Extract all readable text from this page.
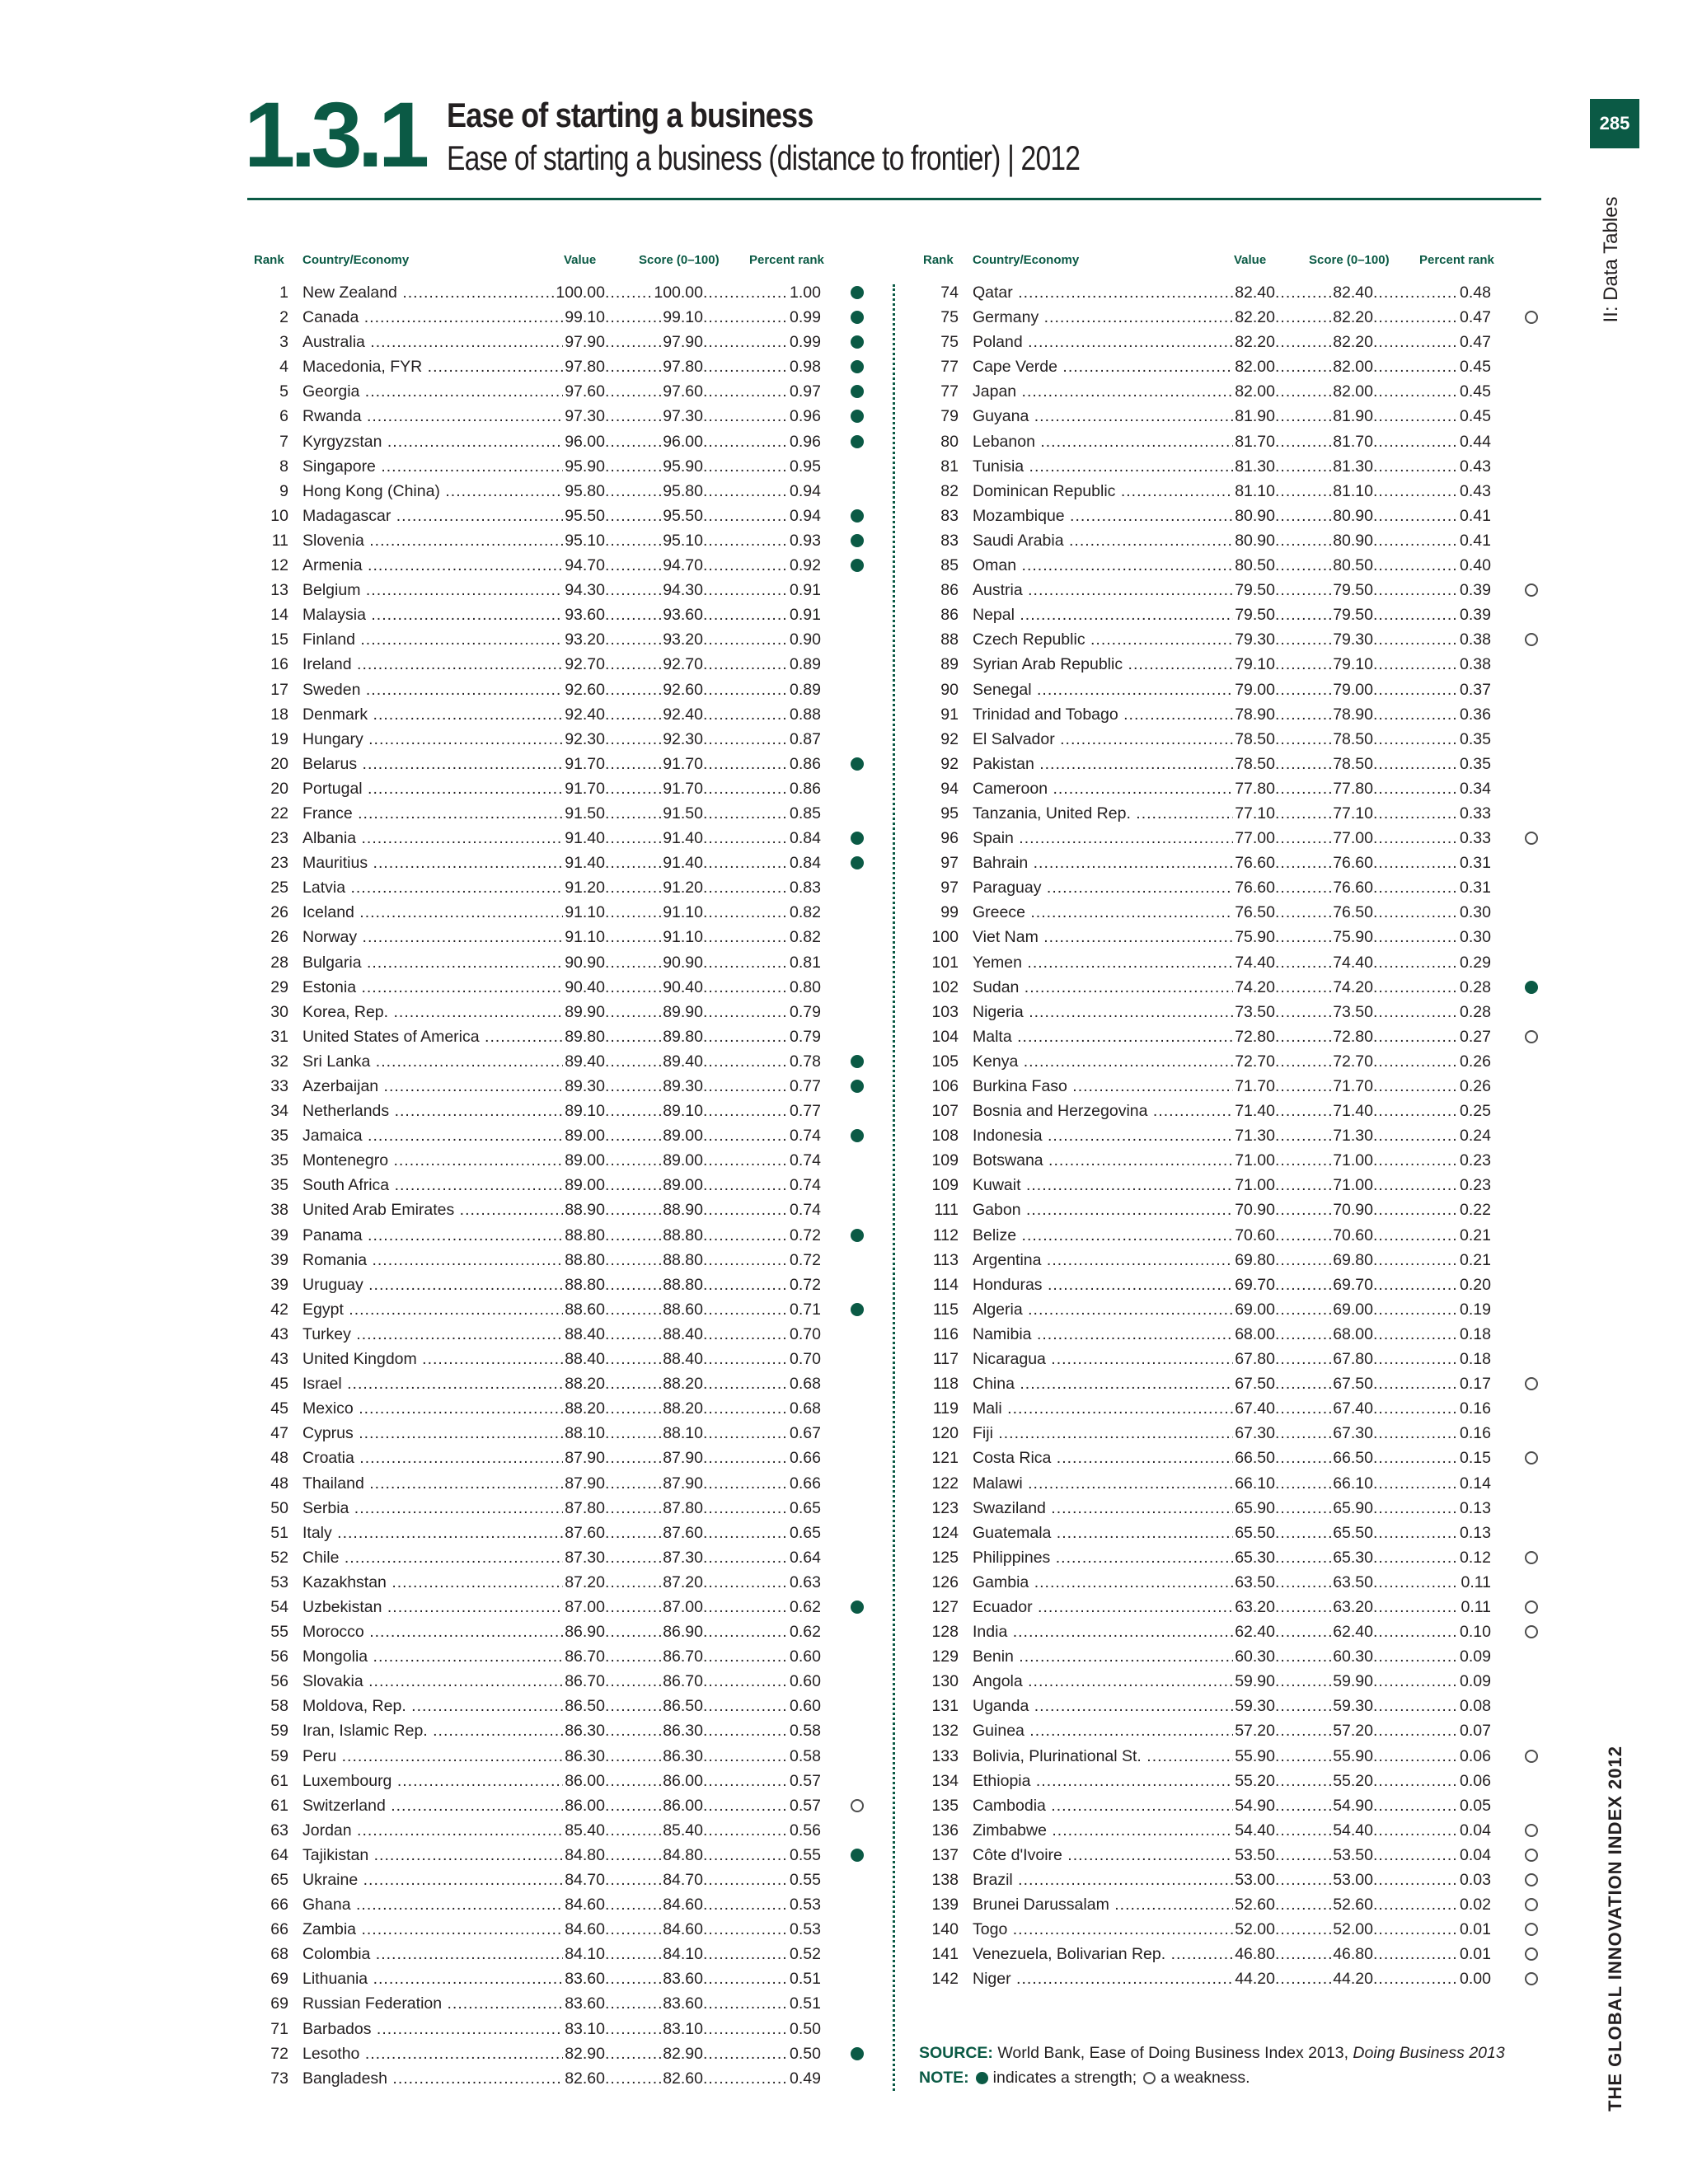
1.3.1 Ease of starting a business
Ease of starting a business (distance to frontier) | 2012
285
II: Data Tables
THE GLOBAL INNOVATION INDEX 2012
Rank Country/Economy	Value	Score (0–100) Percent rank	Rank Country/Economy	Value	Score (0–100) Percent rank
1 New Zealand ..... ..... .....	100.00	100.00	1.00
2 Canada ..... ..... .....	99.10	99.10	0.99
3 Australia ..... ..... .....	97.90	97.90	0.99
4 Macedonia, FYR ..... ..... .....	97.80	97.80	0.98
5 Georgia ..... ..... .....	97.60	97.60	0.97
6 Rwanda ..... ..... .....	97.30	97.30	0.96
7 Kyrgyzstan ..... ..... .....	96.00	96.00	0.96
8 Singapore ..... ..... .....	95.90	95.90	0.95
9 Hong Kong (China) ..... ..... .....	95.80	95.80	0.94
10 Madagascar ..... ..... .....	95.50	95.50	0.94
11 Slovenia ..... ..... .....	95.10	95.10	0.93
12 Armenia ..... ..... .....	94.70	94.70	0.92
13 Belgium ..... ..... .....	94.30	94.30	0.91
14 Malaysia ..... ..... .....	93.60	93.60	0.91
15 Finland ..... ..... .....	93.20	93.20	0.90
16 Ireland ..... ..... .....	92.70	92.70	0.89
17 Sweden ..... ..... .....	92.60	92.60	0.89
18 Denmark ..... ..... .....	92.40	92.40	0.88
19 Hungary ..... ..... .....	92.30	92.30	0.87
20 Belarus ..... ..... .....	91.70	91.70	0.86
20 Portugal ..... ..... .....	91.70	91.70	0.86
22 France ..... ..... .....	91.50	91.50	0.85
23 Albania ..... ..... .....	91.40	91.40	0.84
23 Mauritius ..... ..... .....	91.40	91.40	0.84
25 Latvia ..... ..... .....	91.20	91.20	0.83
26 Iceland ..... ..... .....	91.10	91.10	0.82
26 Norway ..... ..... .....	91.10	91.10	0.82
28 Bulgaria ..... ..... .....	90.90	90.90	0.81
29 Estonia ..... ..... .....	90.40	90.40	0.80
30 Korea, Rep. ..... ..... .....	89.90	89.90	0.79
31 United States of America ..... ..... .....	89.80	89.80	0.79
32 Sri Lanka ..... ..... .....	89.40	89.40	0.78
33 Azerbaijan ..... ..... .....	89.30	89.30	0.77
34 Netherlands ..... ..... .....	89.10	89.10	0.77
35 Jamaica ..... ..... .....	89.00	89.00	0.74
35 Montenegro ..... ..... .....	89.00	89.00	0.74
35 South Africa ..... ..... .....	89.00	89.00	0.74
38 United Arab Emirates ..... ..... .....	88.90	88.90	0.74
39 Panama ..... ..... .....	88.80	88.80	0.72
39 Romania ..... ..... .....	88.80	88.80	0.72
39 Uruguay ..... ..... .....	88.80	88.80	0.72
42 Egypt ..... ..... .....	88.60	88.60	0.71
43 Turkey ..... ..... .....	88.40	88.40	0.70
43 United Kingdom ..... ..... .....	88.40	88.40	0.70
45 Israel ..... ..... .....	88.20	88.20	0.68
45 Mexico ..... ..... .....	88.20	88.20	0.68
47 Cyprus ..... ..... .....	88.10	88.10	0.67
48 Croatia ..... ..... .....	87.90	87.90	0.66
48 Thailand ..... ..... .....	87.90	87.90	0.66
50 Serbia ..... ..... .....	87.80	87.80	0.65
51 Italy ..... ..... .....	87.60	87.60	0.65
52 Chile ..... ..... .....	87.30	87.30	0.64
53 Kazakhstan ..... ..... .....	87.20	87.20	0.63
54 Uzbekistan ..... ..... .....	87.00	87.00	0.62
55 Morocco ..... ..... .....	86.90	86.90	0.62
56 Mongolia ..... ..... .....	86.70	86.70	0.60
56 Slovakia ..... ..... .....	86.70	86.70	0.60
58 Moldova, Rep. ..... ..... .....	86.50	86.50	0.60
59 Iran, Islamic Rep. ..... ..... .....	86.30	86.30	0.58
59 Peru ..... ..... .....	86.30	86.30	0.58
61 Luxembourg ..... ..... .....	86.00	86.00	0.57
61 Switzerland ..... ..... .....	86.00	86.00	0.57
63 Jordan ..... ..... .....	85.40	85.40	0.56
64 Tajikistan ..... ..... .....	84.80	84.80	0.55
65 Ukraine ..... ..... .....	84.70	84.70	0.55
66 Ghana ..... ..... .....	84.60	84.60	0.53
66 Zambia ..... ..... .....	84.60	84.60	0.53
68 Colombia ..... ..... .....	84.10	84.10	0.52
69 Lithuania ..... ..... .....	83.60	83.60	0.51
69 Russian Federation ..... ..... .....	83.60	83.60	0.51
71 Barbados ..... ..... .....	83.10	83.10	0.50
72 Lesotho ..... ..... .....	82.90	82.90	0.50
73 Bangladesh ..... ..... .....	82.60	82.60	0.49
74 Qatar ..... ..... .....	82.40	82.40	0.48
75 Germany ..... ..... .....	82.20	82.20	0.47
75 Poland ..... ..... .....	82.20	82.20	0.47
77 Cape Verde ..... ..... .....	82.00	82.00	0.45
77 Japan ..... ..... .....	82.00	82.00	0.45
79 Guyana ..... ..... .....	81.90	81.90	0.45
80 Lebanon ..... ..... .....	81.70	81.70	0.44
81 Tunisia ..... ..... .....	81.30	81.30	0.43
82 Dominican Republic ..... ..... .....	81.10	81.10	0.43
83 Mozambique ..... ..... .....	80.90	80.90	0.41
83 Saudi Arabia ..... ..... .....	80.90	80.90	0.41
85 Oman ..... ..... .....	80.50	80.50	0.40
86 Austria ..... ..... .....	79.50	79.50	0.39
86 Nepal ..... ..... .....	79.50	79.50	0.39
88 Czech Republic ..... ..... .....	79.30	79.30	0.38
89 Syrian Arab Republic ..... ..... .....	79.10	79.10	0.38
90 Senegal ..... ..... .....	79.00	79.00	0.37
91 Trinidad and Tobago ..... ..... .....	78.90	78.90	0.36
92 El Salvador ..... ..... .....	78.50	78.50	0.35
92 Pakistan ..... ..... .....	78.50	78.50	0.35
94 Cameroon ..... ..... .....	77.80	77.80	0.34
95 Tanzania, United Rep. ..... ..... .....	77.10	77.10	0.33
96 Spain ..... ..... .....	77.00	77.00	0.33
97 Bahrain ..... ..... .....	76.60	76.60	0.31
97 Paraguay ..... ..... .....	76.60	76.60	0.31
99 Greece ..... ..... .....	76.50	76.50	0.30
100 Viet Nam ..... ..... .....	75.90	75.90	0.30
101 Yemen ..... ..... .....	74.40	74.40	0.29
102 Sudan ..... ..... .....	74.20	74.20	0.28
103 Nigeria ..... ..... .....	73.50	73.50	0.28
104 Malta ..... ..... .....	72.80	72.80	0.27
105 Kenya ..... ..... .....	72.70	72.70	0.26
106 Burkina Faso ..... ..... .....	71.70	71.70	0.26
107 Bosnia and Herzegovina ..... ..... .....	71.40	71.40	0.25
108 Indonesia ..... ..... .....	71.30	71.30	0.24
109 Botswana ..... ..... .....	71.00	71.00	0.23
109 Kuwait ..... ..... .....	71.00	71.00	0.23
111 Gabon ..... ..... .....	70.90	70.90	0.22
112 Belize ..... ..... .....	70.60	70.60	0.21
113 Argentina ..... ..... .....	69.80	69.80	0.21
114 Honduras ..... ..... .....	69.70	69.70	0.20
115 Algeria ..... ..... .....	69.00	69.00	0.19
116 Namibia ..... ..... .....	68.00	68.00	0.18
117 Nicaragua ..... ..... .....	67.80	67.80	0.18
118 China ..... ..... .....	67.50	67.50	0.17
119 Mali ..... ..... .....	67.40	67.40	0.16
120 Fiji ..... ..... .....	67.30	67.30	0.16
121 Costa Rica ..... ..... .....	66.50	66.50	0.15
122 Malawi ..... ..... .....	66.10	66.10	0.14
123 Swaziland ..... ..... .....	65.90	65.90	0.13
124 Guatemala ..... ..... .....	65.50	65.50	0.13
125 Philippines ..... ..... .....	65.30	65.30	0.12
126 Gambia ..... ..... .....	63.50	63.50	0.11
127 Ecuador ..... ..... .....	63.20	63.20	0.11
128 India ..... ..... .....	62.40	62.40	0.10
129 Benin ..... ..... .....	60.30	60.30	0.09
130 Angola ..... ..... .....	59.90	59.90	0.09
131 Uganda ..... ..... .....	59.30	59.30	0.08
132 Guinea ..... ..... .....	57.20	57.20	0.07
133 Bolivia, Plurinational St. ..... ..... .....	55.90	55.90	0.06
134 Ethiopia ..... ..... .....	55.20	55.20	0.06
135 Cambodia ..... ..... .....	54.90	54.90	0.05
136 Zimbabwe ..... ..... .....	54.40	54.40	0.04
137 Côte d'Ivoire ..... ..... .....	53.50	53.50	0.04
138 Brazil ..... ..... .....	53.00	53.00	0.03
139 Brunei Darussalam ..... ..... .....	52.60	52.60	0.02
140 Togo ..... ..... .....	52.00	52.00	0.01
141 Venezuela, Bolivarian Rep. ..... ..... .....	46.80	46.80	0.01
142 Niger ..... ..... .....	44.20	44.20	0.00
SOURCE: World Bank, Ease of Doing Business Index 2013, Doing Business 2013
NOTE: indicates a strength; a weakness.
